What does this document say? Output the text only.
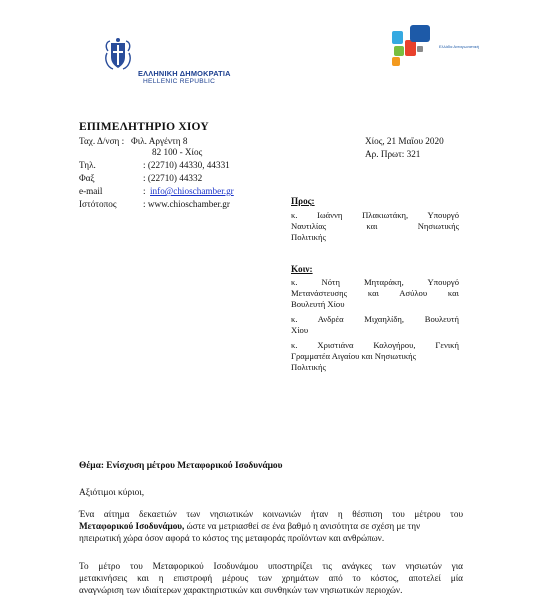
ΕΛΛΗΝΙΚΗ ΔΗΜΟΚΡΑΤΙΑ
HELLENIC REPUBLIC
gr
Ελλάδα Ανταγωνιστική
ΕΠΙΜΕΛΗΤΗΡΙΟ ΧΙΟΥ
Ταχ. Δ/νση : Φιλ. Αργέντη 8
82 100 - Χίος
Τηλ.	: (22710) 44330, 44331
Φαξ	: (22710) 44332
e-mail	: info@chioschamber.gr
Ιστότοπος	: www.chioschamber.gr
Χίος, 21 Μαΐου 2020
Αρ. Πρωτ: 321
Προς:
κ. Ιωάννη Πλακιωτάκη, Υπουργό
Ναυτιλίας και Νησιωτικής
Πολιτικής
Κοιν:
κ. Νότη Μηταράκη, Υπουργό
Μετανάστευσης και Ασύλου και
Βουλευτή Χίου
κ. Ανδρέα Μιχαηλίδη, Βουλευτή
Χίου
κ. Χριστιάνα Καλογήρου, Γενική
Γραμματέα Αιγαίου και Νησιωτικής
Πολιτικής
Θέμα: Ενίσχυση μέτρου Μεταφορικού Ισοδυνάμου
Αξιότιμοι κύριοι,
Ένα αίτημα δεκαετιών των νησιωτικών κοινωνιών ήταν η θέσπιση του μέτρου του
Μεταφορικού Ισοδυνάμου, ώστε να μετριασθεί σε ένα βαθμό η ανισότητα σε σχέση με την
ηπειρωτική χώρα όσον αφορά το κόστος της μεταφοράς προϊόντων και ανθρώπων.
Το μέτρο του Μεταφορικού Ισοδυνάμου υποστηρίζει τις ανάγκες των νησιωτών για
μετακινήσεις και η επιστροφή μέρους των χρημάτων από το κόστος, αποτελεί μία
αναγνώριση των ιδιαίτερων χαρακτηριστικών και συνθηκών των νησιωτικών περιοχών.
